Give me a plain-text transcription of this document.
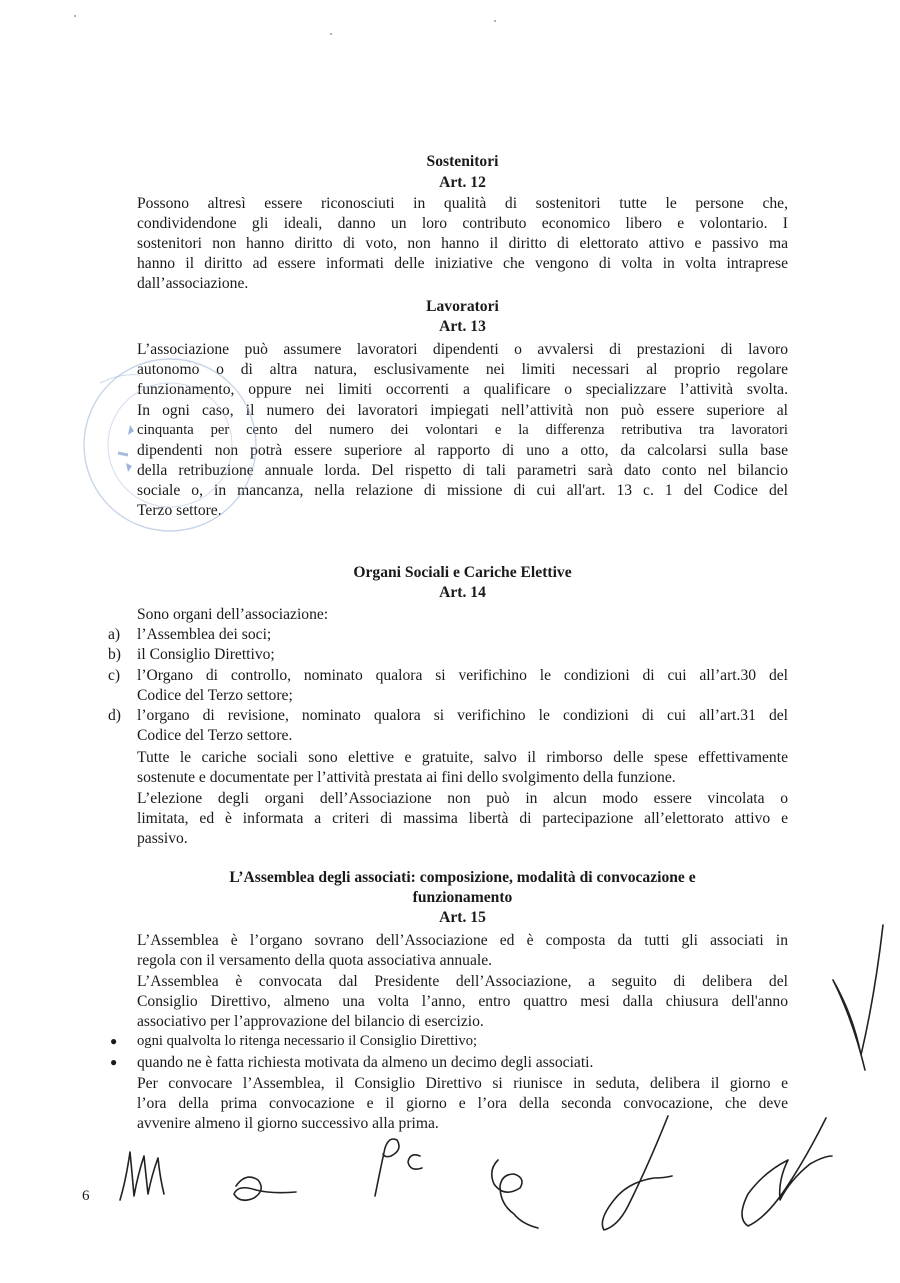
Sostenitori
Art. 12
Possono altresì essere riconosciuti in qualità di sostenitori tutte le persone che,
condividendone gli ideali, danno un loro contributo economico libero e volontario. I
sostenitori non hanno diritto di voto, non hanno il diritto di elettorato attivo e passivo ma
hanno il diritto ad essere informati delle iniziative che vengono di volta in volta intraprese
dall’associazione.
Lavoratori
Art. 13
L’associazione può assumere lavoratori dipendenti o avvalersi di prestazioni di lavoro
autonomo o di altra natura, esclusivamente nei limiti necessari al proprio regolare
funzionamento, oppure nei limiti occorrenti a qualificare o specializzare l’attività svolta.
In ogni caso, il numero dei lavoratori impiegati nell’attività non può essere superiore al
cinquanta per cento del numero dei volontari e la differenza retributiva tra lavoratori
dipendenti non potrà essere superiore al rapporto di uno a otto, da calcolarsi sulla base
della retribuzione annuale lorda. Del rispetto di tali parametri sarà dato conto nel bilancio
sociale o, in mancanza, nella relazione di missione di cui all'art. 13 c. 1 del Codice del
Terzo settore.
Organi Sociali e Cariche Elettive
Art. 14
Sono organi dell’associazione:
a)	l’Assemblea dei soci;
b)	il Consiglio Direttivo;
c)	l’Organo di controllo, nominato qualora si verifichino le condizioni di cui all’art.30 del
Codice del Terzo settore;
d)	l’organo di revisione, nominato qualora si verifichino le condizioni di cui all’art.31 del
Codice del Terzo settore.
Tutte le cariche sociali sono elettive e gratuite, salvo il rimborso delle spese effettivamente
sostenute e documentate per l’attività prestata ai fini dello svolgimento della funzione.
L’elezione degli organi dell’Associazione non può in alcun modo essere vincolata o
limitata, ed è informata a criteri di massima libertà di partecipazione all’elettorato attivo e
passivo.
L’Assemblea degli associati: composizione, modalità di convocazione e
funzionamento
Art. 15
L’Assemblea è l’organo sovrano dell’Associazione ed è composta da tutti gli associati in
regola con il versamento della quota associativa annuale.
L’Assemblea è convocata dal Presidente dell’Associazione, a seguito di delibera del
Consiglio Direttivo, almeno una volta l’anno, entro quattro mesi dalla chiusura dell'anno
associativo per l’approvazione del bilancio di esercizio.
● ogni qualvolta lo ritenga necessario il Consiglio Direttivo;
● quando ne è fatta richiesta motivata da almeno un decimo degli associati.
Per convocare l’Assemblea, il Consiglio Direttivo si riunisce in seduta, delibera il giorno e
l’ora della prima convocazione e il giorno e l’ora della seconda convocazione, che deve
avvenire almeno il giorno successivo alla prima.
6
